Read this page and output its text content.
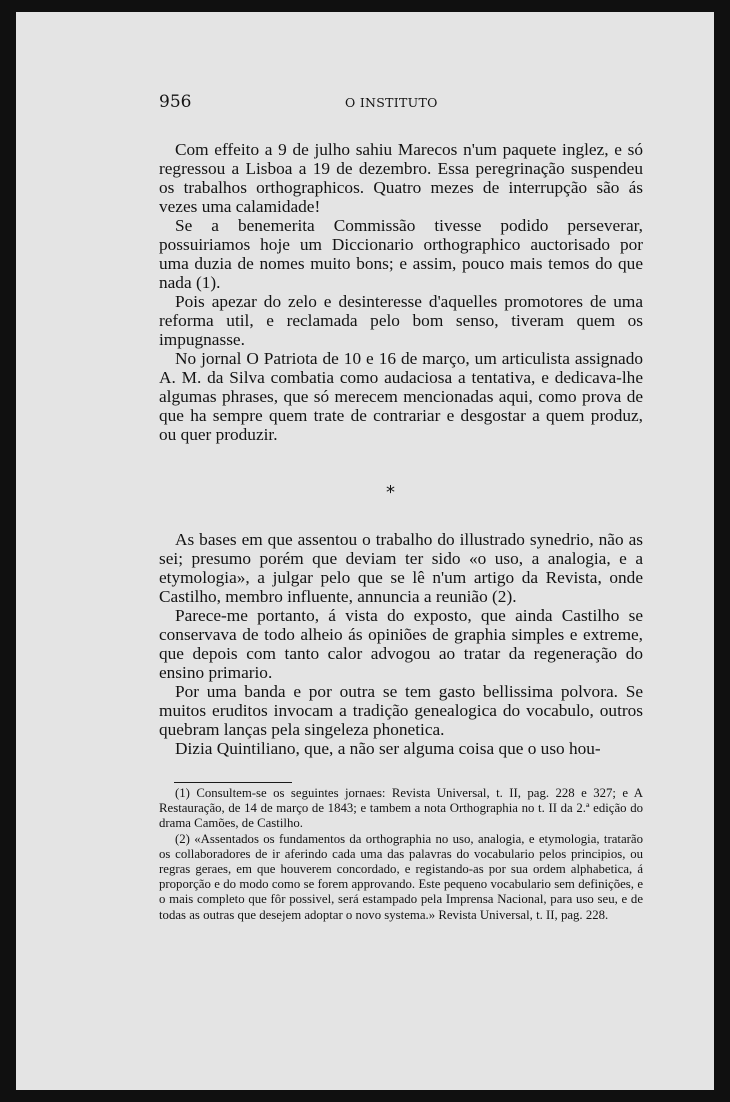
956	O INSTITUTO

Com effeito a 9 de julho sahiu Marecos n'um paquete inglez, e só regressou a Lisboa a 19 de dezembro. Essa peregrinação suspendeu os trabalhos orthographicos. Quatro mezes de interrupção são ás vezes uma calamidade!

Se a benemerita Commissão tivesse podido perseverar, possuiriamos hoje um Diccionario orthographico auctorisado por uma duzia de nomes muito bons; e assim, pouco mais temos do que nada (1).

Pois apezar do zelo e desinteresse d'aquelles promotores de uma reforma util, e reclamada pelo bom senso, tiveram quem os impugnasse.

No jornal O Patriota de 10 e 16 de março, um articulista assignado A. M. da Silva combatia como audaciosa a tentativa, e dedicava-lhe algumas phrases, que só merecem mencionadas aqui, como prova de que ha sempre quem trate de contrariar e desgostar a quem produz, ou quer produzir.

*

As bases em que assentou o trabalho do illustrado synedrio, não as sei; presumo porém que deviam ter sido «o uso, a analogia, e a etymologia», a julgar pelo que se lê n'um artigo da Revista, onde Castilho, membro influente, annuncia a reunião (2).

Parece-me portanto, á vista do exposto, que ainda Castilho se conservava de todo alheio ás opiniões de graphia simples e extreme, que depois com tanto calor advogou ao tratar da regeneração do ensino primario.

Por uma banda e por outra se tem gasto bellissima polvora. Se muitos eruditos invocam a tradição genealogica do vocabulo, outros quebram lanças pela singeleza phonetica.

Dizia Quintiliano, que, a não ser alguma coisa que o uso hou-

(1) Consultem-se os seguintes jornaes: Revista Universal, t. II, pag. 228 e 327; e A Restauração, de 14 de março de 1843; e tambem a nota Orthographia no t. II da 2.ª edição do drama Camões, de Castilho.

(2) «Assentados os fundamentos da orthographia no uso, analogia, e etymologia, tratarão os collaboradores de ir aferindo cada uma das palavras do vocabulario pelos principios, ou regras geraes, em que houverem concordado, e registando-as por sua ordem alphabetica, á proporção e do modo como se forem approvando. Este pequeno vocabulario sem definições, e o mais completo que fôr possivel, será estampado pela Imprensa Nacional, para uso seu, e de todas as outras que desejem adoptar o novo systema.» Revista Universal, t. II, pag. 228.
